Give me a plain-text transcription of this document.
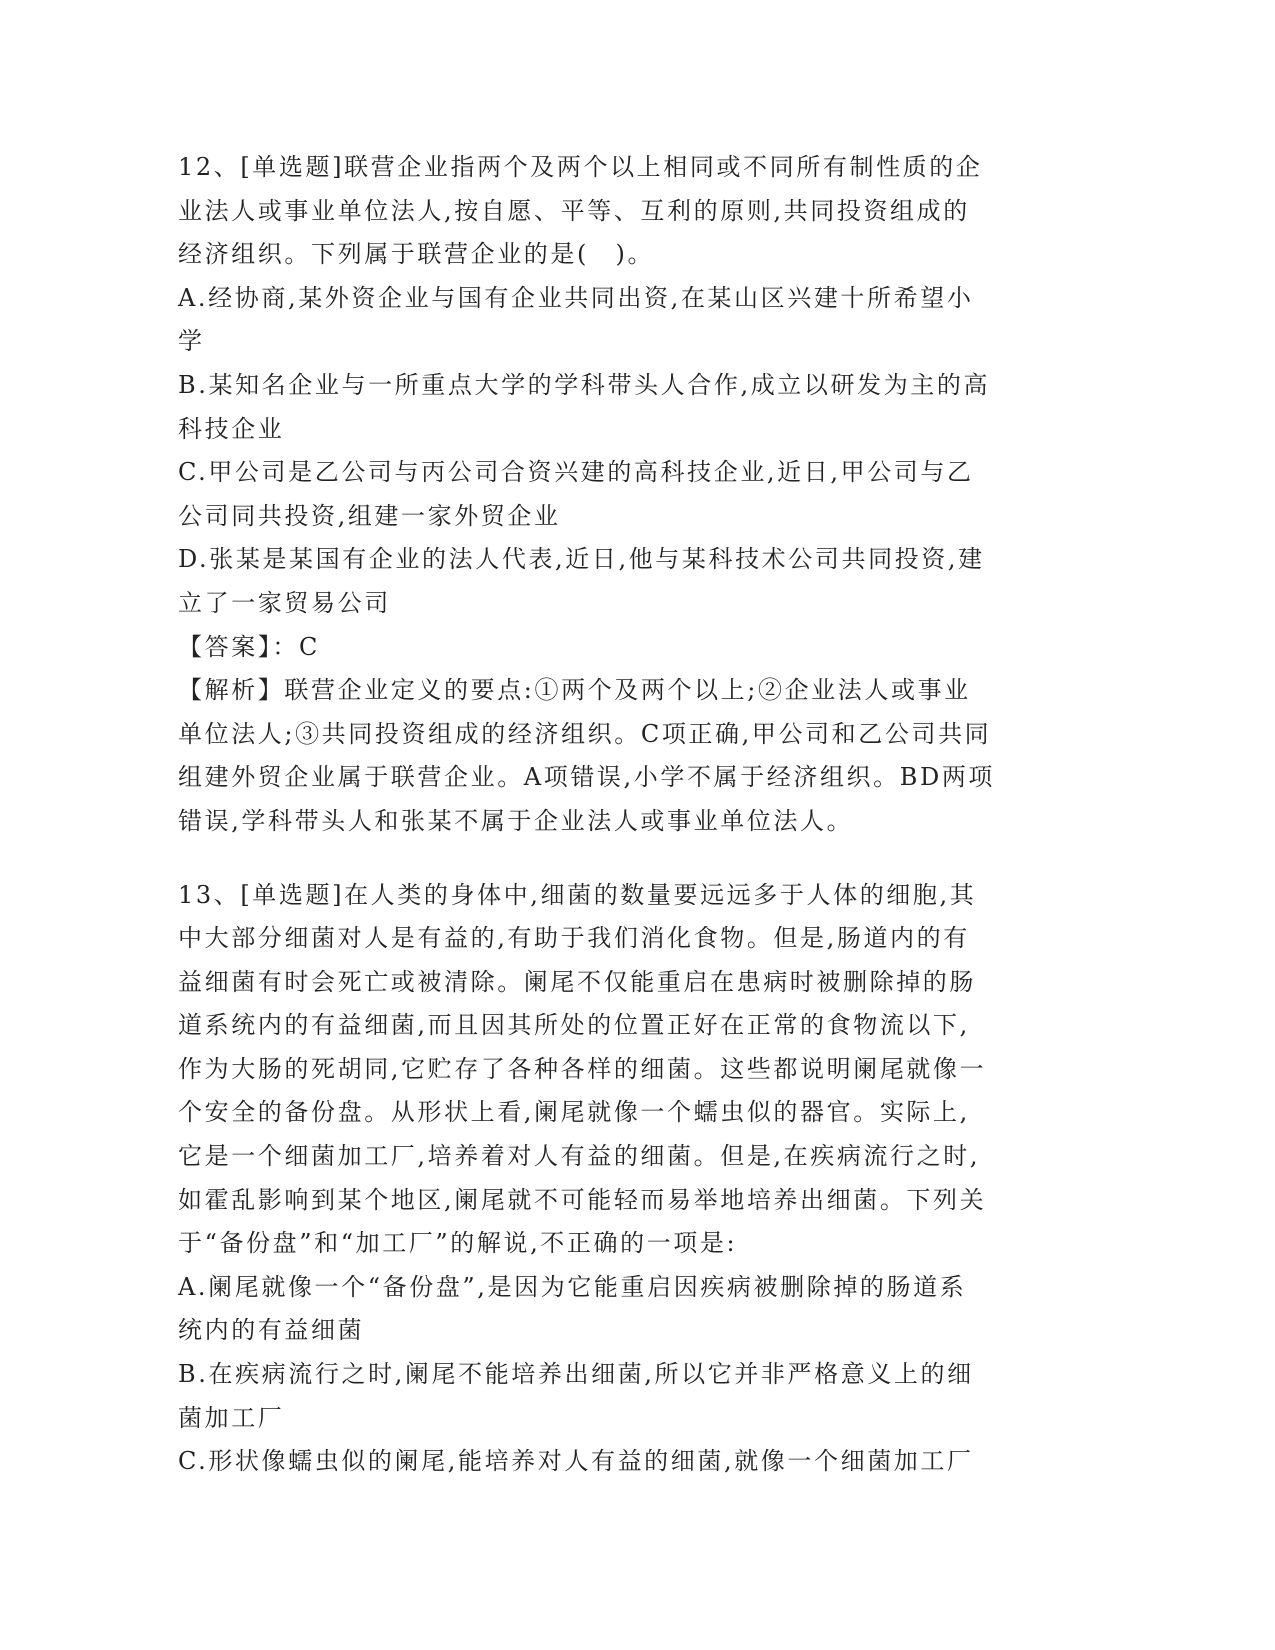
12、[单选题]联营企业指两个及两个以上相同或不同所有制性质的企
业法人或事业单位法人,按自愿、平等、互利的原则,共同投资组成的
经济组织。下列属于联营企业的是(　)。
A.经协商,某外资企业与国有企业共同出资,在某山区兴建十所希望小
学
B.某知名企业与一所重点大学的学科带头人合作,成立以研发为主的高
科技企业
C.甲公司是乙公司与丙公司合资兴建的高科技企业,近日,甲公司与乙
公司同共投资,组建一家外贸企业
D.张某是某国有企业的法人代表,近日,他与某科技术公司共同投资,建
立了一家贸易公司
【答案】：C
【解析】联营企业定义的要点:①两个及两个以上;②企业法人或事业
单位法人;③共同投资组成的经济组织。C项正确,甲公司和乙公司共同
组建外贸企业属于联营企业。A项错误,小学不属于经济组织。BD两项
错误,学科带头人和张某不属于企业法人或事业单位法人。
13、[单选题]在人类的身体中,细菌的数量要远远多于人体的细胞,其
中大部分细菌对人是有益的,有助于我们消化食物。但是,肠道内的有
益细菌有时会死亡或被清除。阑尾不仅能重启在患病时被删除掉的肠
道系统内的有益细菌,而且因其所处的位置正好在正常的食物流以下,
作为大肠的死胡同,它贮存了各种各样的细菌。这些都说明阑尾就像一
个安全的备份盘。从形状上看,阑尾就像一个蠕虫似的器官。实际上,
它是一个细菌加工厂,培养着对人有益的细菌。但是,在疾病流行之时,
如霍乱影响到某个地区,阑尾就不可能轻而易举地培养出细菌。下列关
于“备份盘”和“加工厂”的解说,不正确的一项是:
A.阑尾就像一个“备份盘”,是因为它能重启因疾病被删除掉的肠道系
统内的有益细菌
B.在疾病流行之时,阑尾不能培养出细菌,所以它并非严格意义上的细
菌加工厂
C.形状像蠕虫似的阑尾,能培养对人有益的细菌,就像一个细菌加工厂
